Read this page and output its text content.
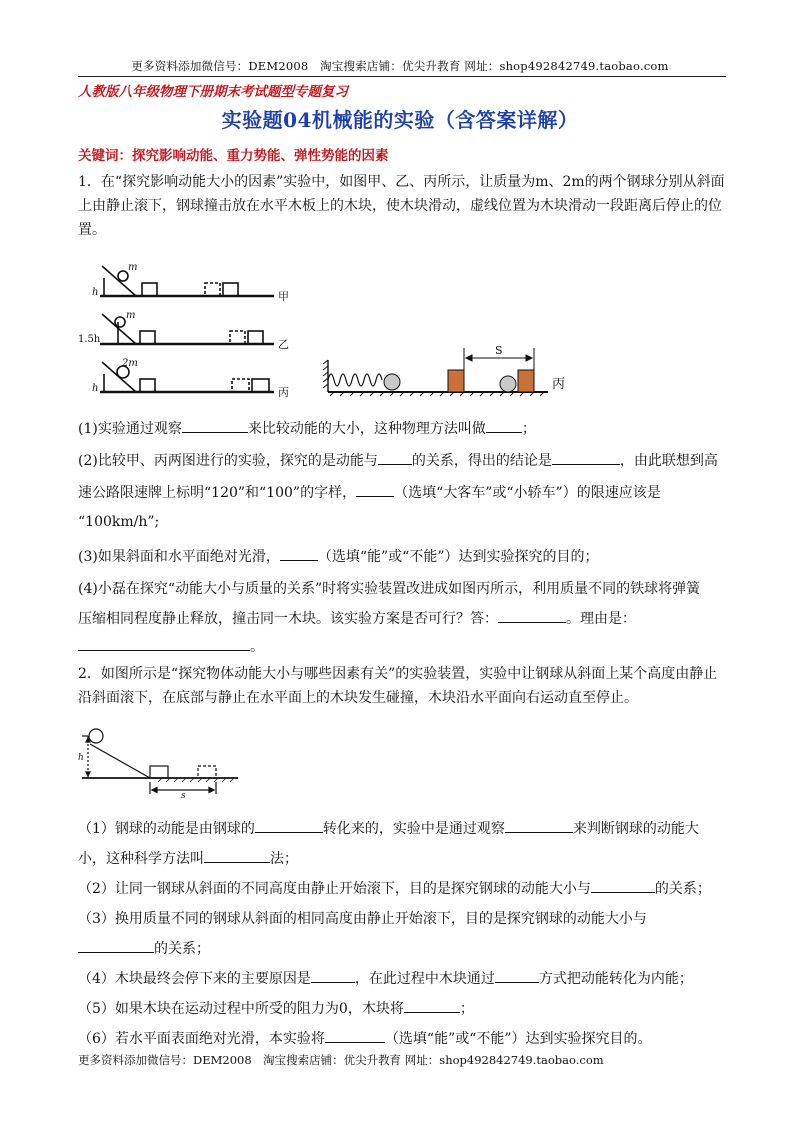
更多资料添加微信号：DEM2008　淘宝搜索店铺：优尖升教育 网址：shop492842749.taobao.com
人教版八年级物理下册期末考试题型专题复习
实验题04机械能的实验（含答案详解）
关键词：探究影响动能、重力势能、弹性势能的因素
1．在“探究影响动能大小的因素”实验中，如图甲、乙、丙所示，让质量为m、2m的两个钢球分别从斜面上由静止滚下，钢球撞击放在水平木板上的木块，使木块滑动，虚线位置为木块滑动一段距离后停止的位置。
m
h	甲
m
1.5h	乙
2m
h	丙
S
丙
(1)实验通过观察	来比较动能的大小，这种物理方法叫做	；
(2)比较甲、丙两图进行的实验，探究的是动能与 的关系，得出的结论是	，由此联想到高
速公路限速牌上标明“120”和“100”的字样，	（选填“大客车”或“小轿车”）的限速应该是
“100km/h”;
(3)如果斜面和水平面绝对光滑，	（选填“能”或“不能”）达到实验探究的目的；
(4)小磊在探究“动能大小与质量的关系”时将实验装置改进成如图丙所示，利用质量不同的铁球将弹簧
压缩相同程度静止释放，撞击同一木块。该实验方案是否可行？答：	。理由是：
。
2．如图所示是“探究物体动能大小与哪些因素有关”的实验装置，实验中让钢球从斜面上某个高度由静止沿斜面滚下，在底部与静止在水平面上的木块发生碰撞，木块沿水平面向右运动直至停止。
h
s
（1）钢球的动能是由钢球的	转化来的，实验中是通过观察	来判断钢球的动能大
小，这种科学方法叫	法；
（2）让同一钢球从斜面的不同高度由静止开始滚下，目的是探究钢球的动能大小与	的关系；
（3）换用质量不同的钢球从斜面的相同高度由静止开始滚下，目的是探究钢球的动能大小与
的关系；
（4）木块最终会停下来的主要原因是	，在此过程中木块通过	方式把动能转化为内能；
（5）如果木块在运动过程中所受的阻力为0，木块将	；
（6）若水平面表面绝对光滑，本实验将	（选填“能”或“不能”）达到实验探究目的。
更多资料添加微信号：DEM2008　淘宝搜索店铺：优尖升教育 网址：shop492842749.taobao.com
